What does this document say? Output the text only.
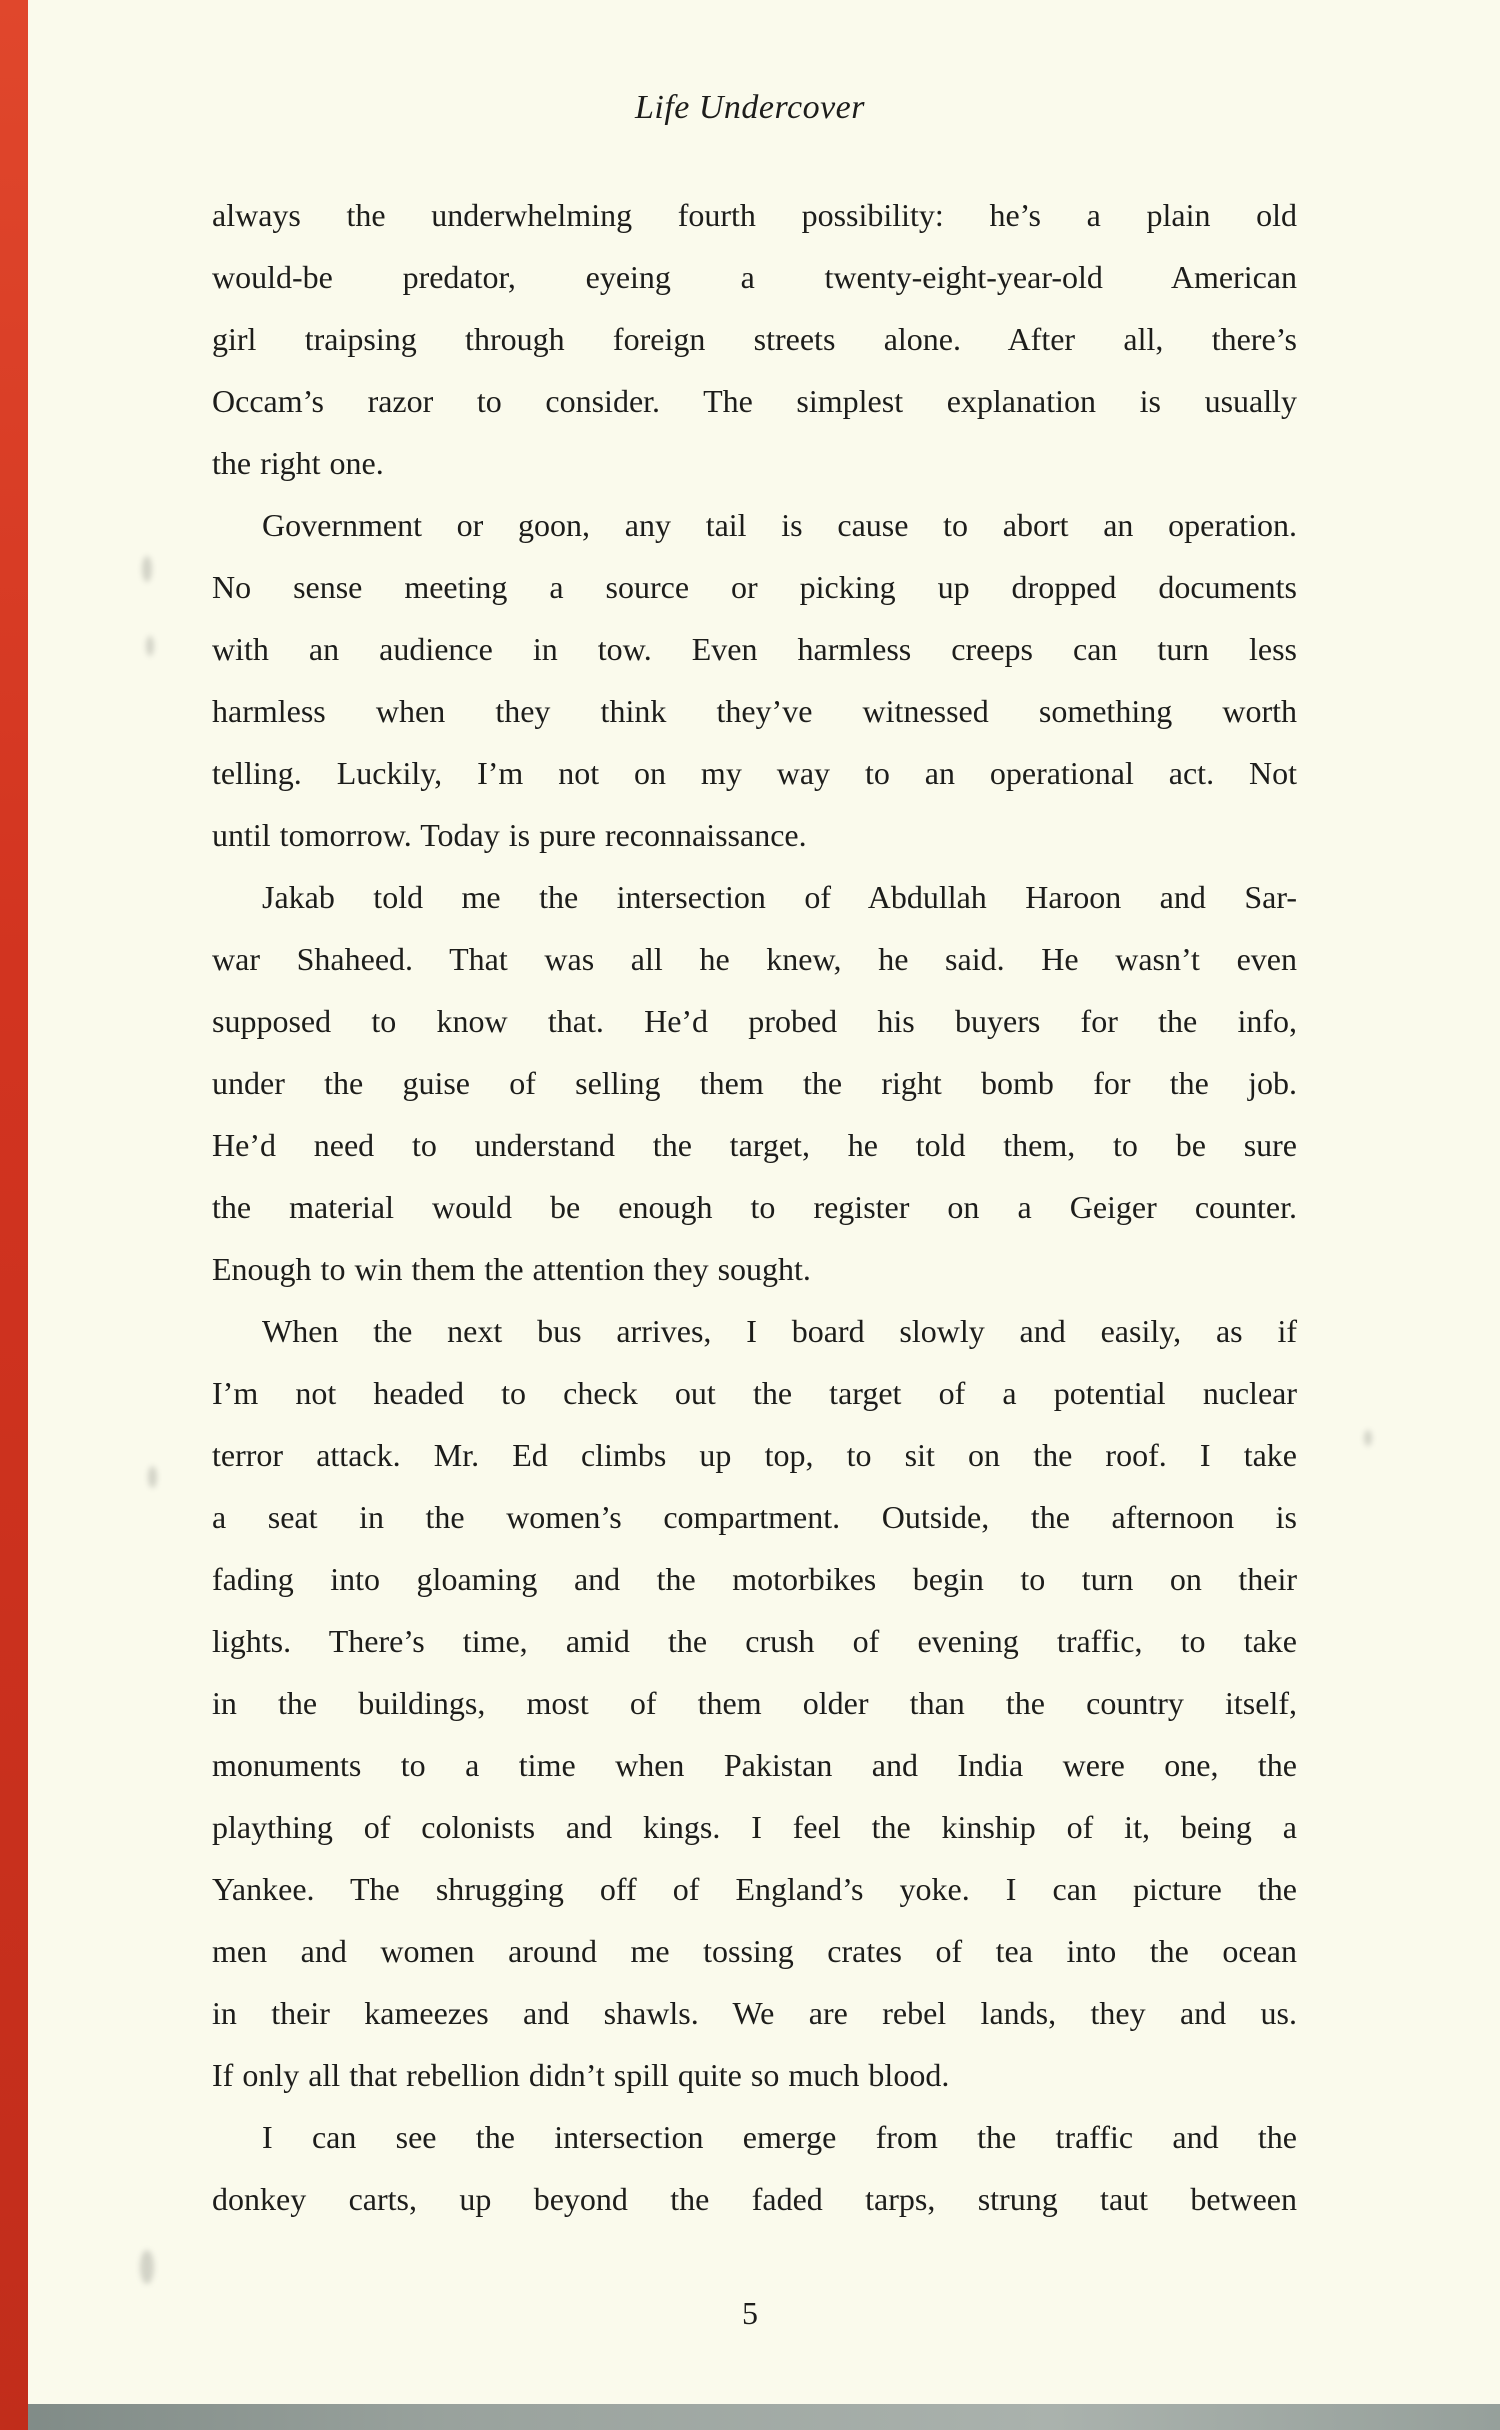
Life Undercover
always the underwhelming fourth possibility: he’s a plain old
would-be predator, eyeing a twenty-eight-year-old American
girl traipsing through foreign streets alone. After all, there’s
Occam’s razor to consider. The simplest explanation is usually
the right one.
Government or goon, any tail is cause to abort an operation.
No sense meeting a source or picking up dropped documents
with an audience in tow. Even harmless creeps can turn less
harmless when they think they’ve witnessed something worth
telling. Luckily, I’m not on my way to an operational act. Not
until tomorrow. Today is pure reconnaissance.
Jakab told me the intersection of Abdullah Haroon and Sar-
war Shaheed. That was all he knew, he said. He wasn’t even
supposed to know that. He’d probed his buyers for the info,
under the guise of selling them the right bomb for the job.
He’d need to understand the target, he told them, to be sure
the material would be enough to register on a Geiger counter.
Enough to win them the attention they sought.
When the next bus arrives, I board slowly and easily, as if
I’m not headed to check out the target of a potential nuclear
terror attack. Mr. Ed climbs up top, to sit on the roof. I take
a seat in the women’s compartment. Outside, the afternoon is
fading into gloaming and the motorbikes begin to turn on their
lights. There’s time, amid the crush of evening traffic, to take
in the buildings, most of them older than the country itself,
monuments to a time when Pakistan and India were one, the
plaything of colonists and kings. I feel the kinship of it, being a
Yankee. The shrugging off of England’s yoke. I can picture the
men and women around me tossing crates of tea into the ocean
in their kameezes and shawls. We are rebel lands, they and us.
If only all that rebellion didn’t spill quite so much blood.
I can see the intersection emerge from the traffic and the
donkey carts, up beyond the faded tarps, strung taut between
5
